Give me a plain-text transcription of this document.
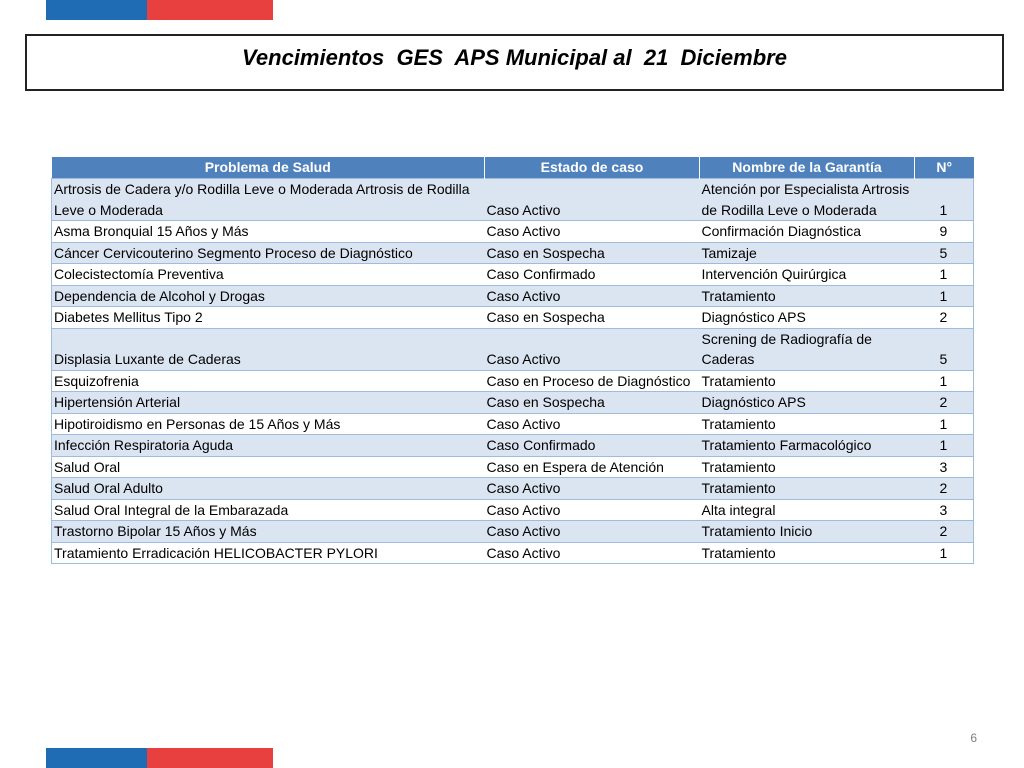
Vencimientos  GES  APS Municipal al  21  Diciembre
Problema de Salud	Estado de caso	Nombre de la Garantía	N°
Artrosis de Cadera y/o Rodilla Leve o Moderada Artrosis de Rodilla Leve o Moderada	Caso Activo	Atención por Especialista Artrosis de Rodilla Leve o Moderada	1
Asma Bronquial 15 Años y Más	Caso Activo	Confirmación Diagnóstica	9
Cáncer Cervicouterino Segmento Proceso de Diagnóstico	Caso en Sospecha	Tamizaje	5
Colecistectomía Preventiva	Caso Confirmado	Intervención Quirúrgica	1
Dependencia de Alcohol y Drogas	Caso Activo	Tratamiento	1
Diabetes Mellitus Tipo 2	Caso en Sospecha	Diagnóstico APS	2
Displasia Luxante de Caderas	Caso Activo	Screning de Radiografía de Caderas	5
Esquizofrenia	Caso en Proceso de Diagnóstico	Tratamiento	1
Hipertensión Arterial	Caso en Sospecha	Diagnóstico APS	2
Hipotiroidismo en Personas de 15 Años y Más	Caso Activo	Tratamiento	1
Infección Respiratoria Aguda	Caso Confirmado	Tratamiento Farmacológico	1
Salud Oral	Caso en Espera de Atención	Tratamiento	3
Salud Oral Adulto	Caso Activo	Tratamiento	2
Salud Oral Integral de la Embarazada	Caso Activo	Alta integral	3
Trastorno Bipolar 15 Años y Más	Caso Activo	Tratamiento Inicio	2
Tratamiento Erradicación HELICOBACTER PYLORI	Caso Activo	Tratamiento	1
6
